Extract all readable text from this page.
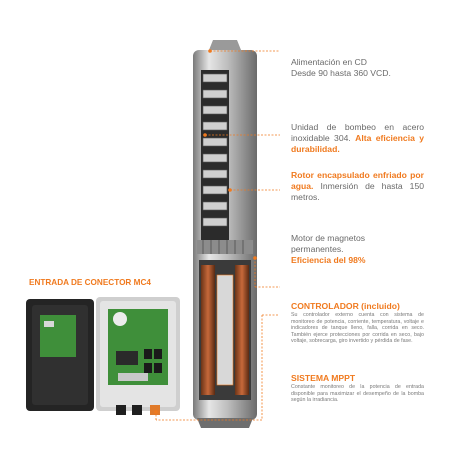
Alimentación en CD
Desde 90 hasta 360 VCD.
Unidad de bombeo en acero inoxidable 304. Alta eficiencia y durabilidad.
Rotor encapsulado enfriado por agua. Inmersión de hasta 150 metros.
Motor de magnetos permanentes.
Eficiencia del 98%
CONTROLADOR (incluido)
Su controlador externo cuenta con sistema de monitoreo de potencia, corriente, temperatura, voltaje e indicadores de tanque lleno, falla, corrida en seco. También ejerce protecciones por corrida en seco, bajo voltaje, sobrecarga, giro invertido y pérdida de fase.
SISTEMA MPPT
Constante monitoreo de la potencia de entrada disponible para maximizar el desempeño de la bomba según la irradiancia.
ENTRADA DE CONECTOR MC4
